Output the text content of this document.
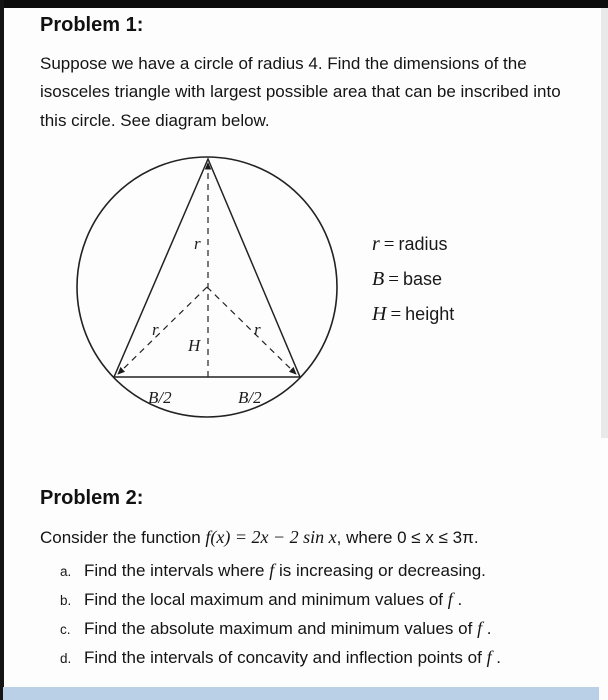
Problem 1:
Suppose we have a circle of radius 4. Find the dimensions of the isosceles triangle with largest possible area that can be inscribed into this circle. See diagram below.
r
r	r
H
B/2	B/2
r = radius
B = base
H = height
Problem 2:
Consider the function f(x) = 2x − 2 sin x, where 0 ≤ x ≤ 3π.
a. Find the intervals where f is increasing or decreasing.
b. Find the local maximum and minimum values of f .
c. Find the absolute maximum and minimum values of f .
d. Find the intervals of concavity and inflection points of f .
